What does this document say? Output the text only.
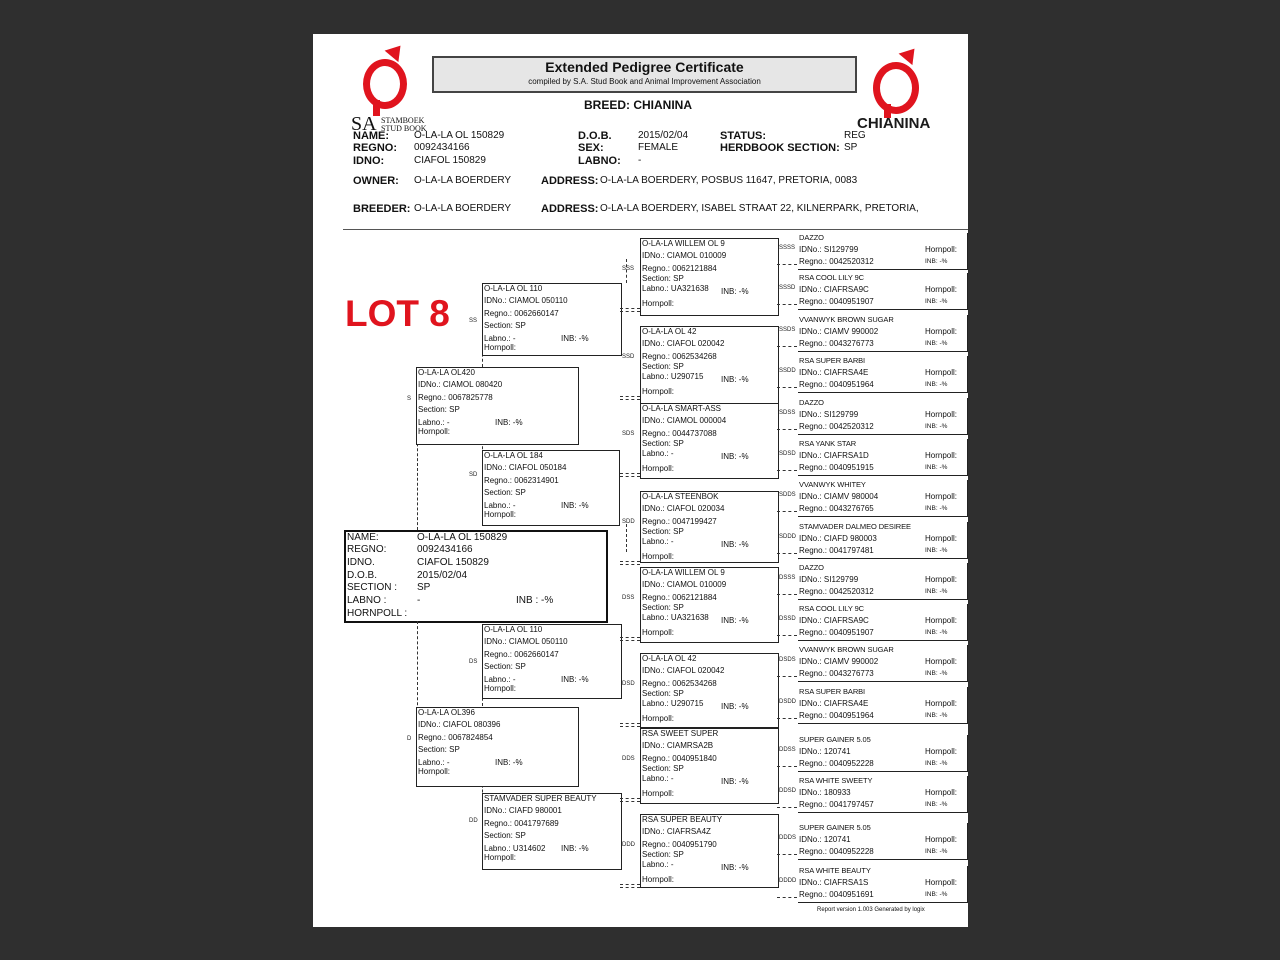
SA STAMBOEK
STUD BOOK	CHIANINA
Extended Pedigree Certificate
compiled by S.A. Stud Book and Animal Improvement Association
BREED: CHIANINA
NAME: O-LA-LA OL 150829
REGNO: 0092434166
IDNO:	CIAFOL 150829
D.O.B.	2015/02/04
SEX:	FEMALE
LABNO: -
STATUS:	REG
HERDBOOK SECTION: SP
OWNER: O-LA-LA BOERDERY	ADDRESS: O-LA-LA BOERDERY, POSBUS 11647, PRETORIA, 0083
BREEDER: O-LA-LA BOERDERY	ADDRESS: O-LA-LA BOERDERY, ISABEL STRAAT 22, KILNERPARK, PRETORIA,
LOT 8
NAME:	O-LA-LA OL 150829
REGNO:	0092434166
IDNO.	CIAFOL 150829
D.O.B.	2015/02/04
SECTION : SP
LABNO :	-	INB : -%
HORNPOLL :
O-LA-LA OL420
IDNo.: CIAMOL 080420
Regno.: 0067825778
Section: SP
Labno.: -
Hornpoll:
INB: -%
O-LA-LA OL396
IDNo.: CIAFOL 080396
Regno.: 0067824854
Section: SP
Labno.: -
Hornpoll:
INB: -%
O-LA-LA OL 110
IDNo.: CIAMOL 050110
Regno.: 0062660147
Section: SP
Labno.: -
Hornpoll:
INB: -%
O-LA-LA OL 184
IDNo.: CIAFOL 050184
Regno.: 0062314901
Section: SP
Labno.: -
Hornpoll:
INB: -%
O-LA-LA OL 110
IDNo.: CIAMOL 050110
Regno.: 0062660147
Section: SP
Labno.: -
Hornpoll:
INB: -%
STAMVADER SUPER BEAUTY
IDNo.: CIAFD 980001
Regno.: 0041797689
Section: SP
Labno.: U314602
Hornpoll:
INB: -%
Report version 1.003 Generated by logix
S
D
SS
SD
DS
DD
O-LA-LA WILLEM OL 9
IDNo.: CIAMOL 010009
Regno.: 0062121884
Section: SP
Labno.: UA321638
Hornpoll:
INB: -%
SSS
O-LA-LA OL 42
IDNo.: CIAFOL 020042
Regno.: 0062534268
Section: SP
Labno.: U290715
Hornpoll:
INB: -%
SSD
O-LA-LA SMART-ASS
IDNo.: CIAMOL 000004
Regno.: 0044737088
Section: SP
Labno.: -
Hornpoll:
INB: -%
SDS
O-LA-LA STEENBOK
IDNo.: CIAFOL 020034
Regno.: 0047199427
Section: SP
Labno.: -
Hornpoll:
INB: -%
SDD
O-LA-LA WILLEM OL 9
IDNo.: CIAMOL 010009
Regno.: 0062121884
Section: SP
Labno.: UA321638
Hornpoll:
INB: -%
DSS
O-LA-LA OL 42
IDNo.: CIAFOL 020042
Regno.: 0062534268
Section: SP
Labno.: U290715
Hornpoll:
INB: -%
DSD
RSA SWEET SUPER
IDNo.: CIAMRSA2B
Regno.: 0040951840
Section: SP
Labno.: -
Hornpoll:
INB: -%
DDS
RSA SUPER BEAUTY
IDNo.: CIAFRSA4Z
Regno.: 0040951790
Section: SP
Labno.: -
Hornpoll:
INB: -%
DDD
DAZZO
IDNo.: SI129799
Regno.: 0042520312
Hornpoll:
INB: -%
SSSS
RSA COOL LILY 9C
IDNo.: CIAFRSA9C
Regno.: 0040951907
Hornpoll:
INB: -%
SSSD
VVANWYK BROWN SUGAR
IDNo.: CIAMV 990002
Regno.: 0043276773
Hornpoll:
INB: -%
SSDS
RSA SUPER BARBI
IDNo.: CIAFRSA4E
Regno.: 0040951964
Hornpoll:
INB: -%
SSDD
DAZZO
IDNo.: SI129799
Regno.: 0042520312
Hornpoll:
INB: -%
SDSS
RSA YANK STAR
IDNo.: CIAFRSA1D
Regno.: 0040951915
Hornpoll:
INB: -%
SDSD
VVANWYK WHITEY
IDNo.: CIAMV 980004
Regno.: 0043276765
Hornpoll:
INB: -%
SDDS
STAMVADER DALMEO DESIREE
IDNo.: CIAFD 980003
Regno.: 0041797481
Hornpoll:
INB: -%
SDDD
DAZZO
IDNo.: SI129799
Regno.: 0042520312
Hornpoll:
INB: -%
DSSS
RSA COOL LILY 9C
IDNo.: CIAFRSA9C
Regno.: 0040951907
Hornpoll:
INB: -%
DSSD
VVANWYK BROWN SUGAR
IDNo.: CIAMV 990002
Regno.: 0043276773
Hornpoll:
INB: -%
DSDS
RSA SUPER BARBI
IDNo.: CIAFRSA4E
Regno.: 0040951964
Hornpoll:
INB: -%
DSDD
SUPER GAINER 5.05
IDNo.: 120741
Regno.: 0040952228
Hornpoll:
INB: -%
DDSS
RSA WHITE SWEETY
IDNo.: 180933
Regno.: 0041797457
Hornpoll:
INB: -%
DDSD
SUPER GAINER 5.05
IDNo.: 120741
Regno.: 0040952228
Hornpoll:
INB: -%
DDDS
RSA WHITE BEAUTY
IDNo.: CIAFRSA1S
Regno.: 0040951691
Hornpoll:
INB: -%
DDDD
